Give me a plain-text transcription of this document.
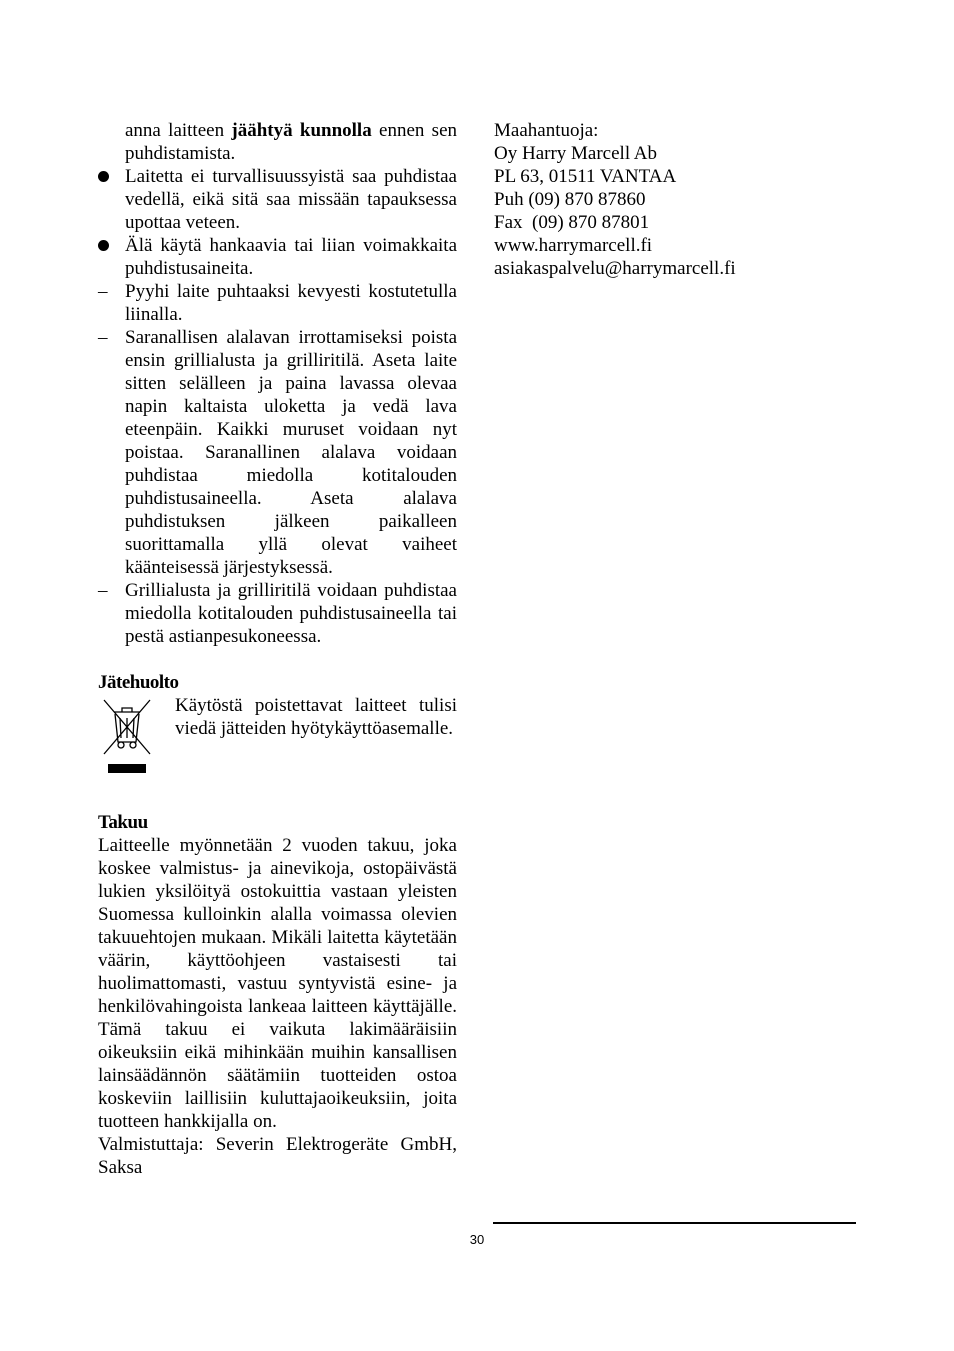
anna laitteen jäähtyä kunnolla ennen sen puhdistamista.
Laitetta ei turvallisuussyistä saa puhdistaa vedellä, eikä sitä saa missään tapauksessa upottaa veteen.
Älä käytä hankaavia tai liian voimakkaita puhdistusaineita.
– Pyyhi laite puhtaaksi kevyesti kostutetulla liinalla.
– Saranallisen alalavan irrottamiseksi poista ensin grillialusta ja grilliritilä. Aseta laite sitten selälleen ja paina lavassa olevaa napin kaltaista uloketta ja vedä lava eteenpäin. Kaikki muruset voidaan nyt poistaa. Saranallinen alalava voidaan puhdistaa miedolla kotitalouden puhdistusaineella. Aseta alalava puhdistuksen jälkeen paikalleen suorittamalla yllä olevat vaiheet käänteisessä järjestyksessä.
– Grillialusta ja grilliritilä voidaan puhdistaa miedolla kotitalouden puhdistusaineella tai pestä astianpesukoneessa.
Jätehuolto
Käytöstä poistettavat laitteet tulisi viedä jätteiden hyötykäyttöasemalle.
Takuu
Laitteelle myönnetään 2 vuoden takuu, joka koskee valmistus- ja ainevikoja, ostopäivästä lukien yksilöityä ostokuittia vastaan yleisten Suomessa kulloinkin alalla voimassa olevien takuuehtojen mukaan. Mikäli laitetta käytetään väärin, käyttöohjeen vastaisesti tai huolimattomasti, vastuu syntyvistä esine- ja henkilövahingoista lankeaa laitteen käyttäjälle. Tämä takuu ei vaikuta lakimääräisiin oikeuksiin eikä mihinkään muihin kansallisen lainsäädännön säätämiin tuotteiden ostoa koskeviin laillisiin kuluttajaoikeuksiin, joita tuotteen hankkijalla on.
Valmistuttaja: Severin Elektrogeräte GmbH, Saksa
Maahantuoja:
Oy Harry Marcell Ab
PL 63, 01511 VANTAA
Puh (09) 870 87860
Fax  (09) 870 87801
www.harrymarcell.fi
asiakaspalvelu@harrymarcell.fi
30
